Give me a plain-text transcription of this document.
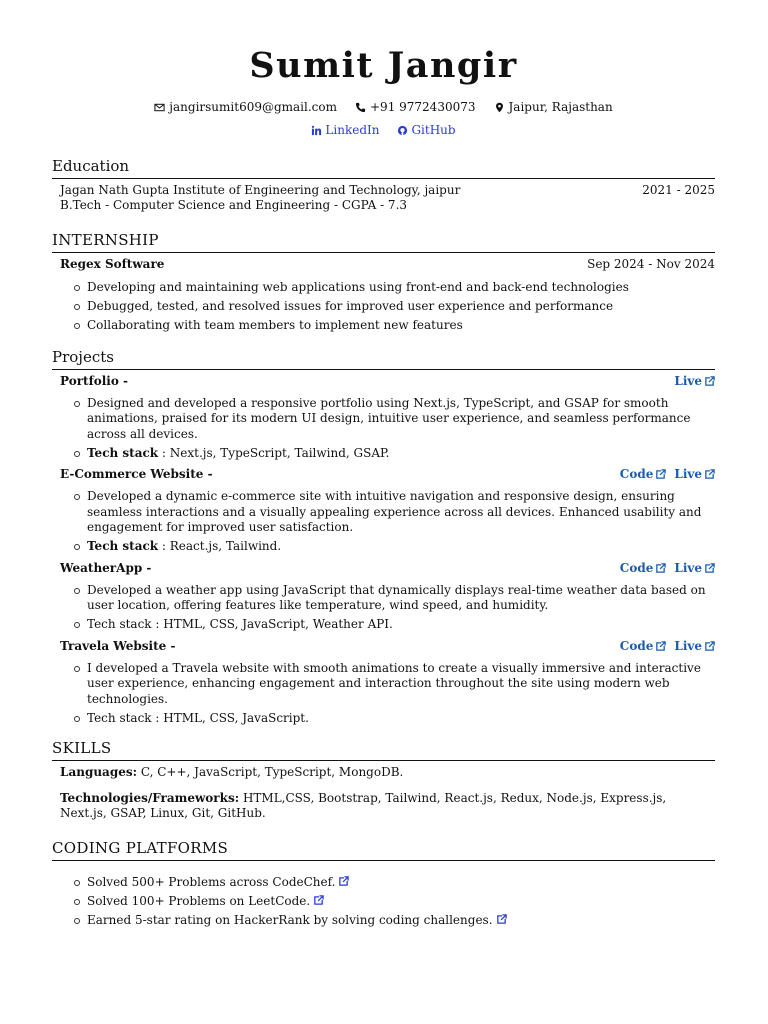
Sumit Jangir
jangirsumit609@gmail.com	+91 9772430073	Jaipur, Rajasthan
LinkedIn	GitHub
Education
Jagan Nath Gupta Institute of Engineering and Technology, jaipur	2021 - 2025
B.Tech - Computer Science and Engineering - CGPA - 7.3
INTERNSHIP
Regex Software	Sep 2024 - Nov 2024
Developing and maintaining web applications using front-end and back-end technologies
Debugged, tested, and resolved issues for improved user experience and performance
Collaborating with team members to implement new features
Projects
Portfolio -	Live
Designed and developed a responsive portfolio using Next.js, TypeScript, and GSAP for smooth animations, praised for its modern UI design, intuitive user experience, and seamless performance across all devices.
Tech stack : Next.js, TypeScript, Tailwind, GSAP.
E-Commerce Website -	Code Live
Developed a dynamic e-commerce site with intuitive navigation and responsive design, ensuring seamless interactions and a visually appealing experience across all devices. Enhanced usability and engagement for improved user satisfaction.
Tech stack : React.js, Tailwind.
WeatherApp -	Code Live
Developed a weather app using JavaScript that dynamically displays real-time weather data based on user location, offering features like temperature, wind speed, and humidity.
Tech stack : HTML, CSS, JavaScript, Weather API.
Travela Website -	Code Live
I developed a Travela website with smooth animations to create a visually immersive and interactive user experience, enhancing engagement and interaction throughout the site using modern web technologies.
Tech stack : HTML, CSS, JavaScript.
SKILLS
Languages: C, C++, JavaScript, TypeScript, MongoDB.
Technologies/Frameworks: HTML,CSS, Bootstrap, Tailwind, React.js, Redux, Node.js, Express.js, Next.js, GSAP, Linux, Git, GitHub.
CODING PLATFORMS
Solved 500+ Problems across CodeChef.
Solved 100+ Problems on LeetCode.
Earned 5-star rating on HackerRank by solving coding challenges.
